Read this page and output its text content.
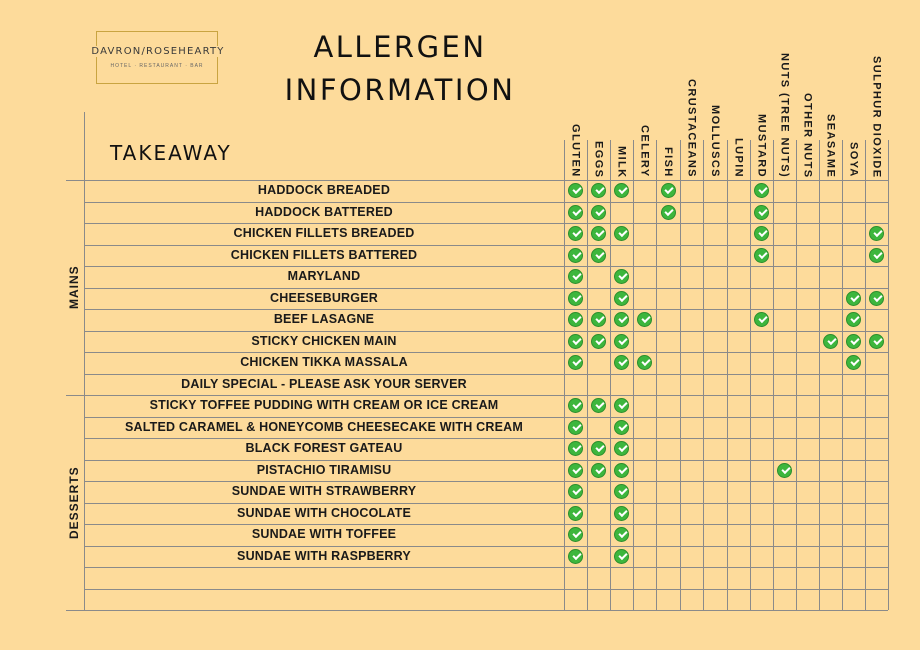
DAVRON/ROSEHEARTY
HOTEL · RESTAURANT · BAR
ALLERGEN
INFORMATION
TAKEAWAY	GLUTEN EGGS MILK CELERY FISH CRUSTACEANS MOLLUSCS LUPIN MUSTARD NUTS (TREE NUTS) OTHER NUTS SEASAME SOYA SULPHUR DIOXIDE
MAINS
DESSERTS
HADDOCK BREADED
HADDOCK BATTERED
CHICKEN FILLETS BREADED
CHICKEN FILLETS BATTERED
MARYLAND
CHEESEBURGER
BEEF LASAGNE
STICKY CHICKEN MAIN
CHICKEN TIKKA MASSALA
DAILY SPECIAL - PLEASE ASK YOUR SERVER
STICKY TOFFEE PUDDING WITH CREAM OR ICE CREAM
SALTED CARAMEL & HONEYCOMB CHEESECAKE WITH CREAM
BLACK FOREST GATEAU
PISTACHIO TIRAMISU
SUNDAE WITH STRAWBERRY
SUNDAE WITH CHOCOLATE
SUNDAE WITH TOFFEE
SUNDAE WITH RASPBERRY
